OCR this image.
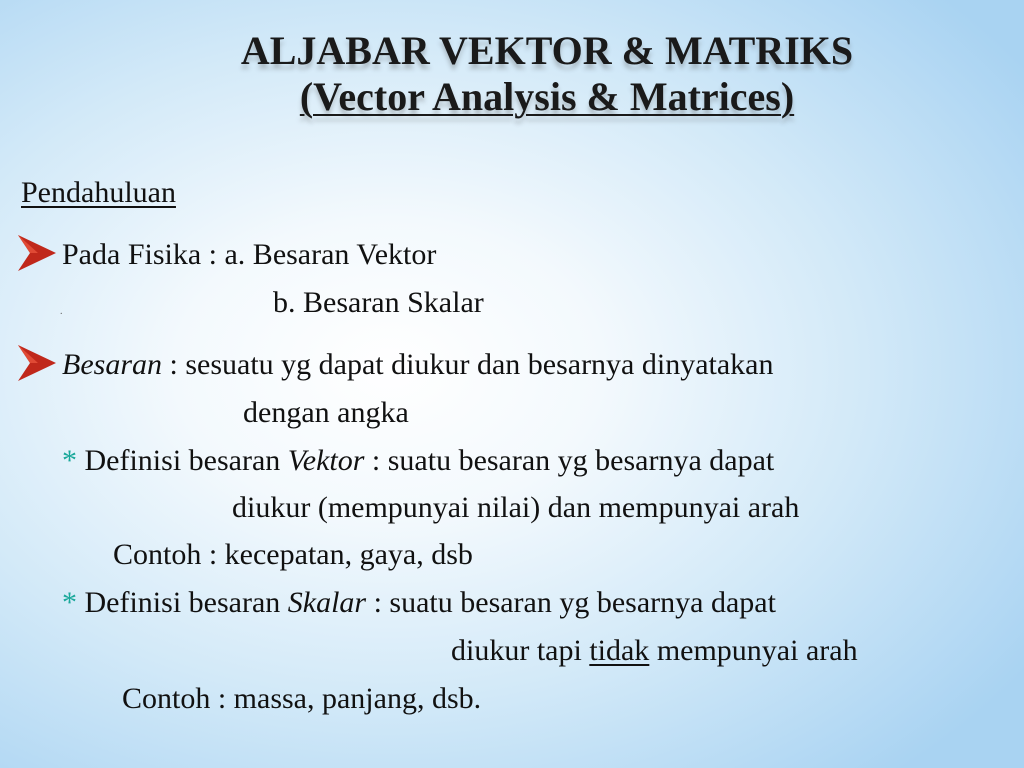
ALJABAR VEKTOR & MATRIKS
(Vector Analysis & Matrices)
Pendahuluan
Pada Fisika : a. Besaran Vektor
.	b. Besaran Skalar
Besaran : sesuatu yg dapat diukur dan besarnya dinyatakan
dengan angka
* Definisi besaran Vektor : suatu besaran yg besarnya dapat
diukur (mempunyai nilai) dan mempunyai arah
Contoh : kecepatan, gaya, dsb
* Definisi besaran Skalar : suatu besaran yg besarnya dapat
diukur tapi tidak mempunyai arah
Contoh : massa, panjang, dsb.
